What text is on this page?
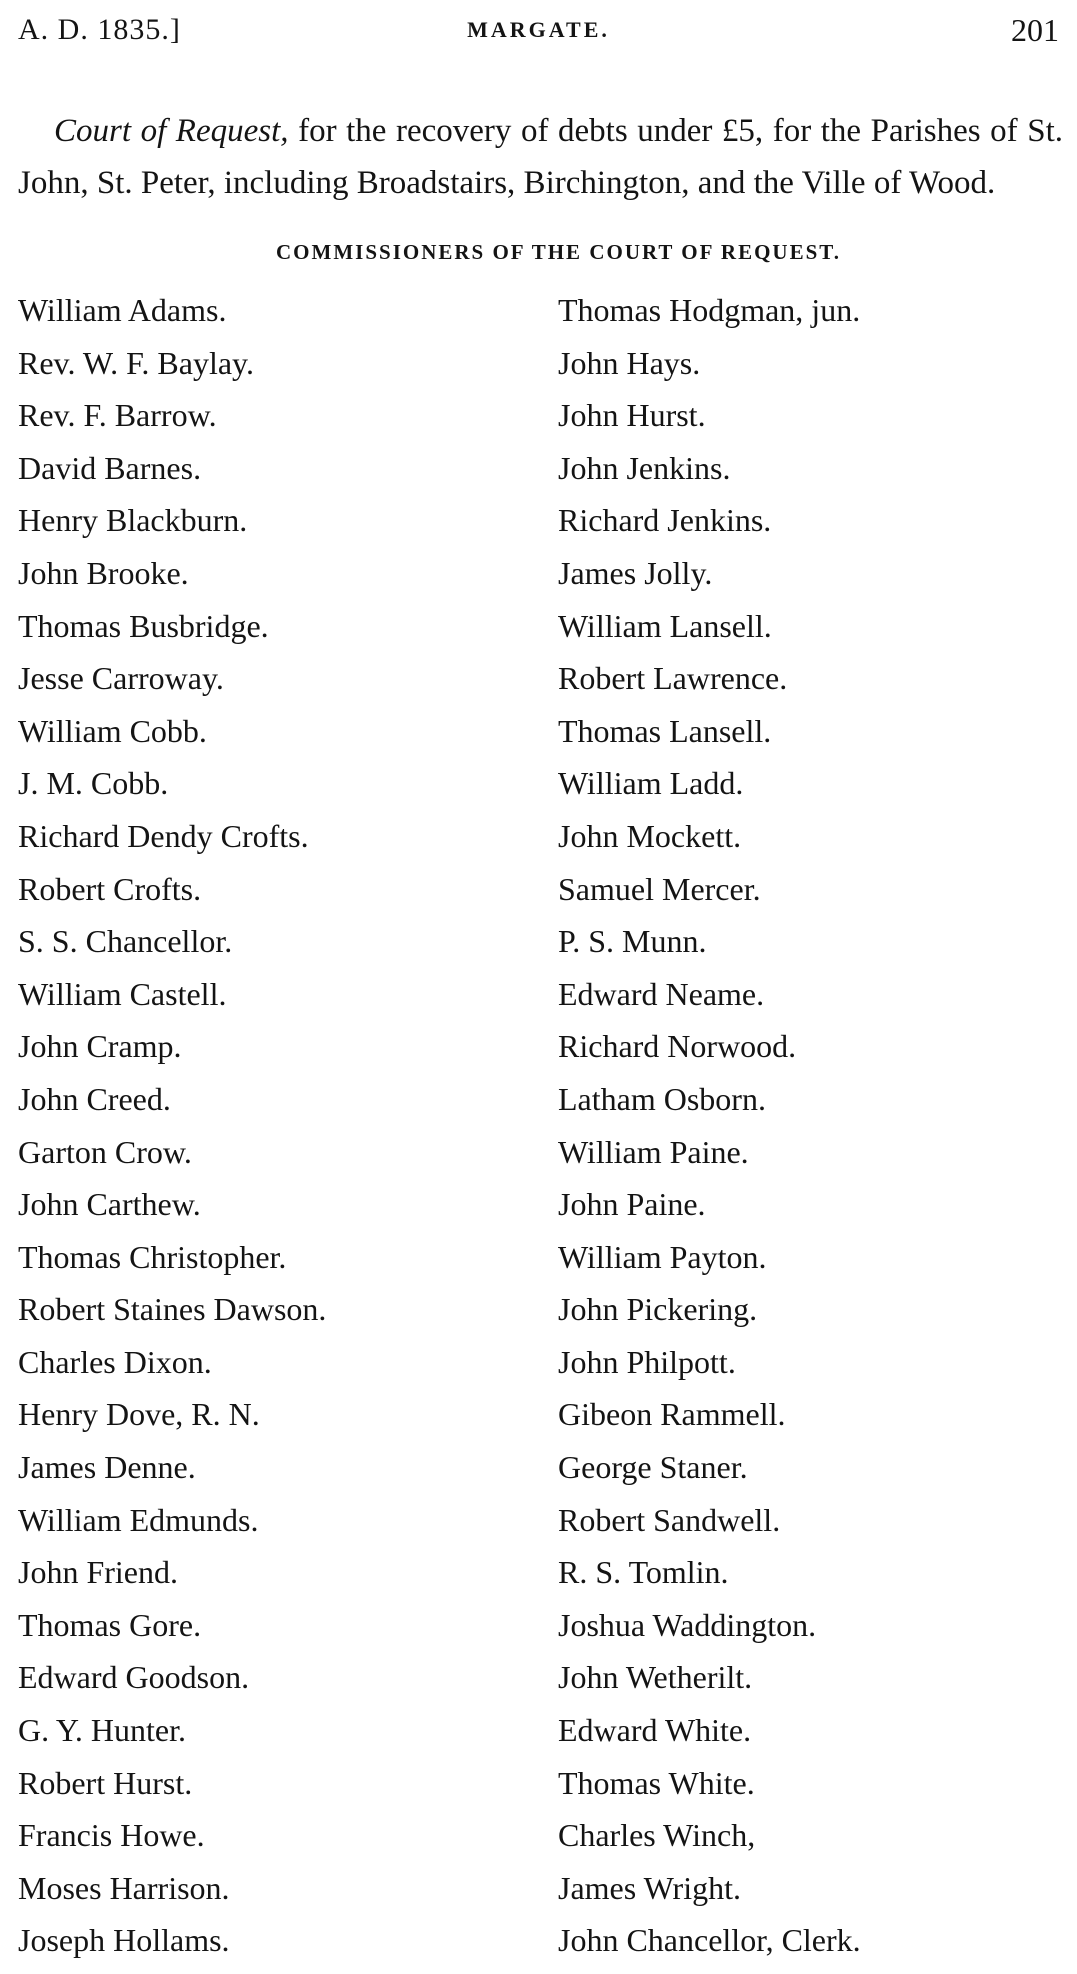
A. D. 1835.]	MARGATE.	201

Court of Request, for the recovery of debts under £5, for the Parishes of St. John, St. Peter, including Broadstairs, Birchington, and the Ville of Wood.

COMMISSIONERS OF THE COURT OF REQUEST.
William Adams.
Rev. W. F. Baylay.
Rev. F. Barrow.
David Barnes.
Henry Blackburn.
John Brooke.
Thomas Busbridge.
Jesse Carroway.
William Cobb.
J. M. Cobb.
Richard Dendy Crofts.
Robert Crofts.
S. S. Chancellor.
William Castell.
John Cramp.
John Creed.
Garton Crow.
John Carthew.
Thomas Christopher.
Robert Staines Dawson.
Charles Dixon.
Henry Dove, R. N.
James Denne.
William Edmunds.
John Friend.
Thomas Gore.
Edward Goodson.
G. Y. Hunter.
Robert Hurst.
Francis Howe.
Moses Harrison.
Joseph Hollams.
Thomas Hodgman, jun.
John Hays.
John Hurst.
John Jenkins.
Richard Jenkins.
James Jolly.
William Lansell.
Robert Lawrence.
Thomas Lansell.
William Ladd.
John Mockett.
Samuel Mercer.
P. S. Munn.
Edward Neame.
Richard Norwood.
Latham Osborn.
William Paine.
John Paine.
William Payton.
John Pickering.
John Philpott.
Gibeon Rammell.
George Staner.
Robert Sandwell.
R. S. Tomlin.
Joshua Waddington.
John Wetherilt.
Edward White.
Thomas White.
Charles Winch,
James Wright.
John Chancellor, Clerk.
